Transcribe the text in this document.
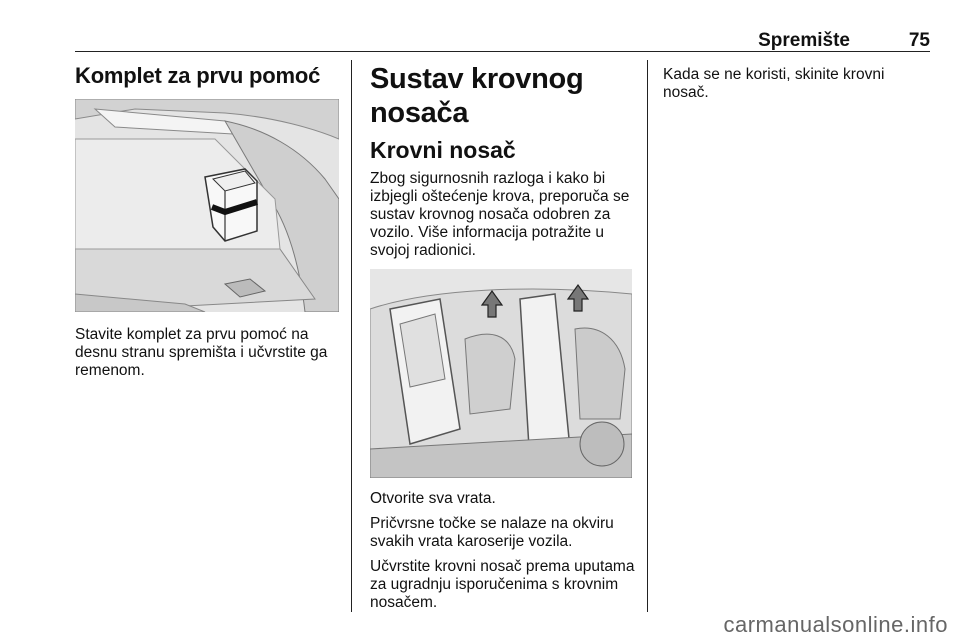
Spremište	75
Komplet za prvu pomoć

Stavite komplet za prvu pomoć na desnu stranu spremišta i učvrstite ga remenom.

Sustav krovnog nosača
Krovni nosač

Zbog sigurnosnih razloga i kako bi izbjegli oštećenje krova, preporuča se sustav krovnog nosača odobren za vozilo. Više informacija potražite u svojoj radionici.

Otvorite sva vrata.

Pričvrsne točke se nalaze na okviru svakih vrata karoserije vozila.

Učvrstite krovni nosač prema uputama za ugradnju isporučenima s krovnim nosačem.

Kada se ne koristi, skinite krovni nosač.

carmanualsonline.info
